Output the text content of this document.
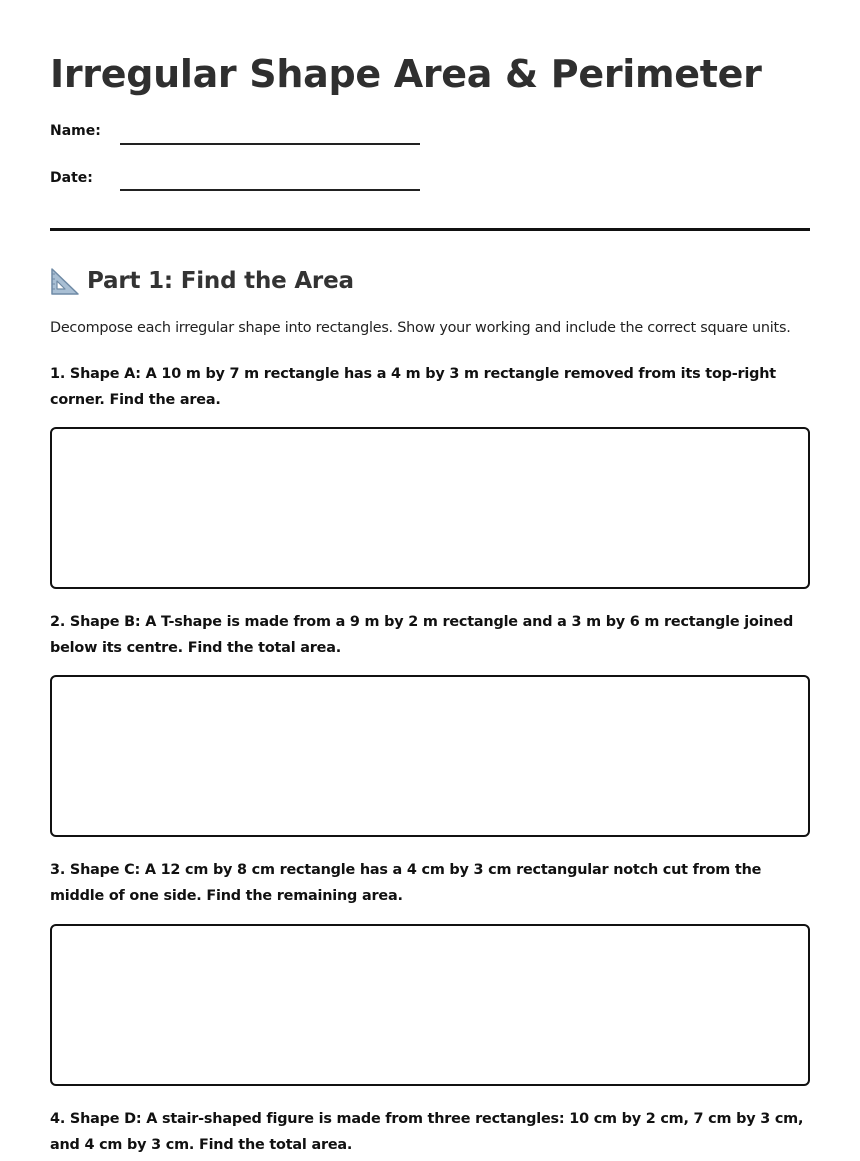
Irregular Shape Area & Perimeter
Name:
Date:
Part 1: Find the Area

Decompose each irregular shape into rectangles. Show your working and include the correct square units.

1. Shape A: A 10 m by 7 m rectangle has a 4 m by 3 m rectangle removed from its top-right corner. Find the area.
2. Shape B: A T-shape is made from a 9 m by 2 m rectangle and a 3 m by 6 m rectangle joined below its centre. Find the total area.
3. Shape C: A 12 cm by 8 cm rectangle has a 4 cm by 3 cm rectangular notch cut from the middle of one side. Find the remaining area.
4. Shape D: A stair-shaped figure is made from three rectangles: 10 cm by 2 cm, 7 cm by 3 cm, and 4 cm by 3 cm. Find the total area.
